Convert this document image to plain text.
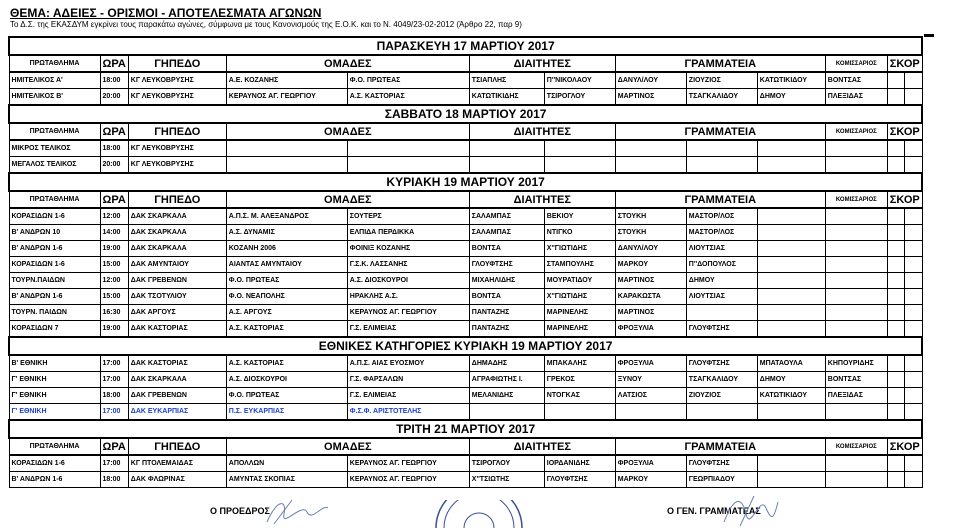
ΘΕΜΑ: ΑΔΕΙΕΣ - ΟΡΙΣΜΟΙ - ΑΠΟΤΕΛΕΣΜΑΤΑ ΑΓΩΝΩΝ
Το Δ.Σ. της ΕΚΑΣΔΥΜ εγκρίνει τους παρακάτω αγώνες, σύμφωνα με τους Κανονισμούς της Ε.Ο.Κ. και το Ν. 4049/23-02-2012 (Άρθρο 22, παρ 9)
ΠΑΡΑΣΚΕΥΗ 17 ΜΑΡΤΙΟΥ 2017												
ΠΡΩΤΑΘΛΗΜΑ	ΩΡΑ	ΓΗΠΕΔΟ	ΟΜΑΔΕΣ		ΔΙΑΙΤΗΤΕΣ		ΓΡΑΜΜΑΤΕΙΑ			ΚΟΜΙΣΣΑΡΙΟΣ	ΣΚΟΡ	
ΗΜΙΤΕΛΙΚΟΣ Α'	18:00	ΚΓ ΛΕΥΚΟΒΡΥΣΗΣ	Α.Ε. ΚΟΖΑΝΗΣ	Φ.Ο. ΠΡΩΤΕΑΣ	ΤΣΙΑΠΛΗΣ	Π''ΝΙΚΟΛΑΟΥ	ΔΑΝΥΛ/ΛΟΥ	ΖΙΟΥΖΙΟΣ	ΚΑΤΩΤΙΚΙΔΟΥ	ΒΟΝΤΣΑΣ		
ΗΜΙΤΕΛΙΚΟΣ Β'	20:00	ΚΓ ΛΕΥΚΟΒΡΥΣΗΣ	ΚΕΡΑΥΝΟΣ ΑΓ. ΓΕΩΡΓΙΟΥ	Α.Σ. ΚΑΣΤΟΡΙΑΣ	ΚΑΤΩΤΙΚΙΔΗΣ	ΤΣΙΡΟΓΛΟΥ	ΜΑΡΤΙΝΟΣ	ΤΣΑΓΚΑΛΙΔΟΥ	ΔΗΜΟΥ	ΠΛΕΞΙΔΑΣ		
ΣΑΒΒΑΤΟ 18 ΜΑΡΤΙΟΥ 2017												
ΠΡΩΤΑΘΛΗΜΑ	ΩΡΑ	ΓΗΠΕΔΟ	ΟΜΑΔΕΣ		ΔΙΑΙΤΗΤΕΣ		ΓΡΑΜΜΑΤΕΙΑ			ΚΟΜΙΣΣΑΡΙΟΣ	ΣΚΟΡ	
ΜΙΚΡΟΣ ΤΕΛΙΚΟΣ	18:00	ΚΓ ΛΕΥΚΟΒΡΥΣΗΣ										
ΜΕΓΑΛΟΣ ΤΕΛΙΚΟΣ	20:00	ΚΓ ΛΕΥΚΟΒΡΥΣΗΣ										
ΚΥΡΙΑΚΗ 19 ΜΑΡΤΙΟΥ 2017												
ΠΡΩΤΑΘΛΗΜΑ	ΩΡΑ	ΓΗΠΕΔΟ	ΟΜΑΔΕΣ		ΔΙΑΙΤΗΤΕΣ		ΓΡΑΜΜΑΤΕΙΑ			ΚΟΜΙΣΣΑΡΙΟΣ	ΣΚΟΡ	
ΚΟΡΑΣΙΔΩΝ 1-6	12:00	ΔΑΚ ΣΚΑΡΚΑΛΑ	Α.Π.Σ. Μ. ΑΛΕΞΑΝΔΡΟΣ	ΣΟΥΤΕΡΣ	ΣΑΛΑΜΠΑΣ	ΒΕΚΙΟΥ	ΣΤΟΥΚΗ	ΜΑΣΤΟΡ/ΛΟΣ				
Β' ΑΝΔΡΩΝ 10	14:00	ΔΑΚ ΣΚΑΡΚΑΛΑ	Α.Σ. ΔΥΝΑΜΙΣ	ΕΛΠΙΔΑ ΠΕΡΔΙΚΚΑ	ΣΑΛΑΜΠΑΣ	ΝΤΙΓΚΟ	ΣΤΟΥΚΗ	ΜΑΣΤΟΡ/ΛΟΣ				
Β' ΑΝΔΡΩΝ 1-6	19:00	ΔΑΚ ΣΚΑΡΚΑΛΑ	ΚΟΖΑΝΗ 2006	ΦΟΙΝΙΞ ΚΟΖΑΝΗΣ	ΒΟΝΤΣΑ	Χ''ΓΙΩΤΙΔΗΣ	ΔΑΝΥΛ/ΛΟΥ	ΛΙΟΥΤΣΙΑΣ				
ΚΟΡΑΣΙΔΩΝ 1-6	15:00	ΔΑΚ ΑΜΥΝΤΑΙΟΥ	ΑΙΑΝΤΑΣ ΑΜΥΝΤΑΙΟΥ	Γ.Σ.Κ. ΛΑΣΣΑΝΗΣ	ΓΛΟΥΦΤΣΗΣ	ΣΤΑΜΠΟΥΛΗΣ	ΜΑΡΚΟΥ	Π''ΔΟΠΟΥΛΟΣ				
ΤΟΥΡΝ.ΠΑΙΔΩΝ	12:00	ΔΑΚ ΓΡΕΒΕΝΩΝ	Φ.Ο. ΠΡΩΤΕΑΣ	Α.Σ. ΔΙΟΣΚΟΥΡΟΙ	ΜΙΧΑΗΛΙΔΗΣ	ΜΟΥΡΑΤΙΔΟΥ	ΜΑΡΤΙΝΟΣ	ΔΗΜΟΥ				
Β' ΑΝΔΡΩΝ 1-6	15:00	ΔΑΚ ΤΣΟΤΥΛΙΟΥ	Φ.Ο. ΝΕΑΠΟΛΗΣ	ΗΡΑΚΛΗΣ Α.Σ.	ΒΟΝΤΣΑ	Χ''ΓΙΩΤΙΔΗΣ	ΚΑΡΑΚΩΣΤΑ	ΛΙΟΥΤΣΙΑΣ				
ΤΟΥΡΝ. ΠΑΙΔΩΝ	16:30	ΔΑΚ ΑΡΓΟΥΣ	Α.Σ. ΑΡΓΟΥΣ	ΚΕΡΑΥΝΟΣ ΑΓ. ΓΕΩΡΓΙΟΥ	ΠΑΝΤΑΖΗΣ	ΜΑΡΙΝΕΛΗΣ	ΜΑΡΤΙΝΟΣ					
ΚΟΡΑΣΙΔΩΝ 7	19:00	ΔΑΚ ΚΑΣΤΟΡΙΑΣ	Α.Σ. ΚΑΣΤΟΡΙΑΣ	Γ.Σ. ΕΛΙΜΕΙΑΣ	ΠΑΝΤΑΖΗΣ	ΜΑΡΙΝΕΛΗΣ	ΦΡΟΞΥΛΙΑ	ΓΛΟΥΦΤΣΗΣ				
ΕΘΝΙΚΕΣ ΚΑΤΗΓΟΡΙΕΣ ΚΥΡΙΑΚΗ 19 ΜΑΡΤΙΟΥ 2017												
Β' ΕΘΝΙΚΗ	17:00	ΔΑΚ ΚΑΣΤΟΡΙΑΣ	Α.Σ. ΚΑΣΤΟΡΙΑΣ	Α.Π.Σ. ΑΙΑΣ ΕΥΟΣΜΟΥ	ΔΗΜΑΔΗΣ	ΜΠΑΚΑΛΗΣ	ΦΡΟΞΥΛΙΑ	ΓΛΟΥΦΤΣΗΣ	ΜΠΑΤΑΟΥΛΑ	ΚΗΠΟΥΡΙΔΗΣ		
Γ' ΕΘΝΙΚΗ	17:00	ΔΑΚ ΣΚΑΡΚΑΛΑ	Α.Σ. ΔΙΟΣΚΟΥΡΟΙ	Γ.Σ. ΦΑΡΣΑΛΩΝ	ΑΓΡΑΦΙΩΤΗΣ Ι.	ΓΡΕΚΟΣ	ΞΥΝΟΥ	ΤΣΑΓΚΑΛΙΔΟΥ	ΔΗΜΟΥ	ΒΟΝΤΣΑΣ		
Γ' ΕΘΝΙΚΗ	18:00	ΔΑΚ ΓΡΕΒΕΝΩΝ	Φ.Ο. ΠΡΩΤΕΑΣ	Γ.Σ. ΕΛΙΜΕΙΑΣ	ΜΕΛΑΝΙΔΗΣ	ΝΤΟΓΚΑΣ	ΛΑΤΣΙΟΣ	ΖΙΟΥΖΙΟΣ	ΚΑΤΩΤΙΚΙΔΟΥ	ΠΛΕΞΙΔΑΣ		
Γ' ΕΘΝΙΚΗ	17:00	ΔΑΚ ΕΥΚΑΡΠΙΑΣ	Π.Σ. ΕΥΚΑΡΠΙΑΣ	Φ.Σ.Φ. ΑΡΙΣΤΟΤΕΛΗΣ								
ΤΡΙΤΗ 21 ΜΑΡΤΙΟΥ 2017												
ΠΡΩΤΑΘΛΗΜΑ	ΩΡΑ	ΓΗΠΕΔΟ	ΟΜΑΔΕΣ		ΔΙΑΙΤΗΤΕΣ		ΓΡΑΜΜΑΤΕΙΑ			ΚΟΜΙΣΣΑΡΙΟΣ	ΣΚΟΡ	
ΚΟΡΑΣΙΔΩΝ 1-6	17:00	ΚΓ ΠΤΟΛΕΜΑΙΔΑΣ	ΑΠΟΛΛΩΝ	ΚΕΡΑΥΝΟΣ ΑΓ. ΓΕΩΡΓΙΟΥ	ΤΣΙΡΟΓΛΟΥ	ΙΟΡΔΑΝΙΔΗΣ	ΦΡΟΞΥΛΙΑ	ΓΛΟΥΦΤΣΗΣ				
Β' ΑΝΔΡΩΝ 1-6	18:00	ΔΑΚ ΦΛΩΡΙΝΑΣ	ΑΜΥΝΤΑΣ ΣΚΟΠΙΑΣ	ΚΕΡΑΥΝΟΣ ΑΓ. ΓΕΩΡΓΙΟΥ	Χ''ΤΣΙΩΤΗΣ	ΓΛΟΥΦΤΣΗΣ	ΜΑΡΚΟΥ	ΓΕΩΡΠΙΑΔΟΥ				
Ο ΠΡΟΕΔΡΟΣ	Ο ΓΕΝ. ΓΡΑΜΜΑΤΕΑΣ
